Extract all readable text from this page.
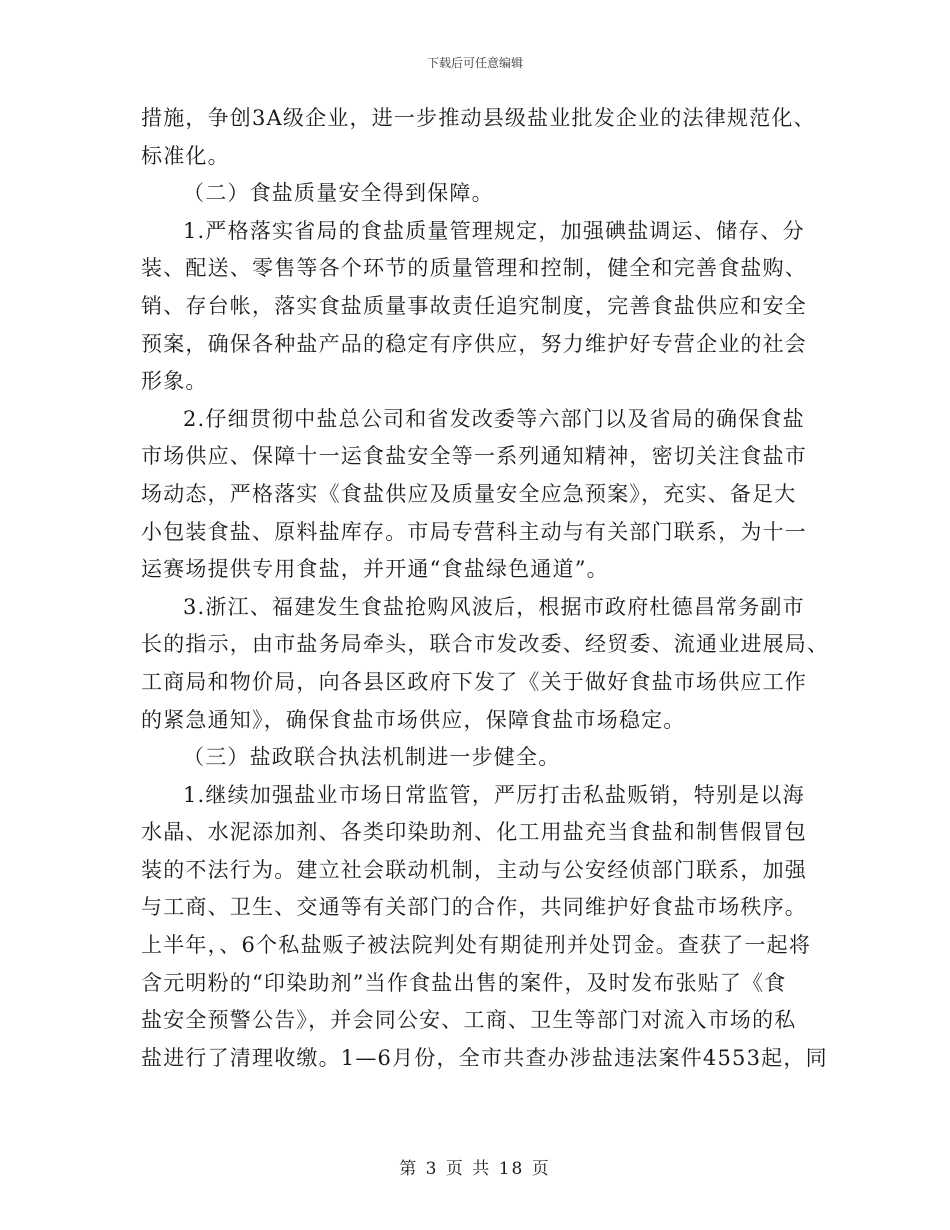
下载后可任意编辑
措施，争创3A级企业，进一步推动县级盐业批发企业的法律规范化、
标准化。
（二）食盐质量安全得到保障。
1.严格落实省局的食盐质量管理规定，加强碘盐调运、储存、分
装、配送、零售等各个环节的质量管理和控制，健全和完善食盐购、
销、存台帐，落实食盐质量事故责任追究制度，完善食盐供应和安全
预案，确保各种盐产品的稳定有序供应，努力维护好专营企业的社会
形象。
2.仔细贯彻中盐总公司和省发改委等六部门以及省局的确保食盐
市场供应、保障十一运食盐安全等一系列通知精神，密切关注食盐市
场动态，严格落实《食盐供应及质量安全应急预案》，充实、备足大
小包装食盐、原料盐库存。市局专营科主动与有关部门联系，为十一
运赛场提供专用食盐，并开通“食盐绿色通道”。
3.浙江、福建发生食盐抢购风波后，根据市政府杜德昌常务副市
长的指示，由市盐务局牵头，联合市发改委、经贸委、流通业进展局、
工商局和物价局，向各县区政府下发了《关于做好食盐市场供应工作
的紧急通知》，确保食盐市场供应，保障食盐市场稳定。
（三）盐政联合执法机制进一步健全。
1.继续加强盐业市场日常监管，严厉打击私盐贩销，特别是以海
水晶、水泥添加剂、各类印染助剂、化工用盐充当食盐和制售假冒包
装的不法行为。建立社会联动机制，主动与公安经侦部门联系，加强
与工商、卫生、交通等有关部门的合作，共同维护好食盐市场秩序。
上半年，、6个私盐贩子被法院判处有期徒刑并处罚金。查获了一起将
含元明粉的“印染助剂”当作食盐出售的案件，及时发布张贴了《食
盐安全预警公告》，并会同公安、工商、卫生等部门对流入市场的私
盐进行了清理收缴。1—6月份，全市共查办涉盐违法案件4553起，同
第 3 页 共 18 页
